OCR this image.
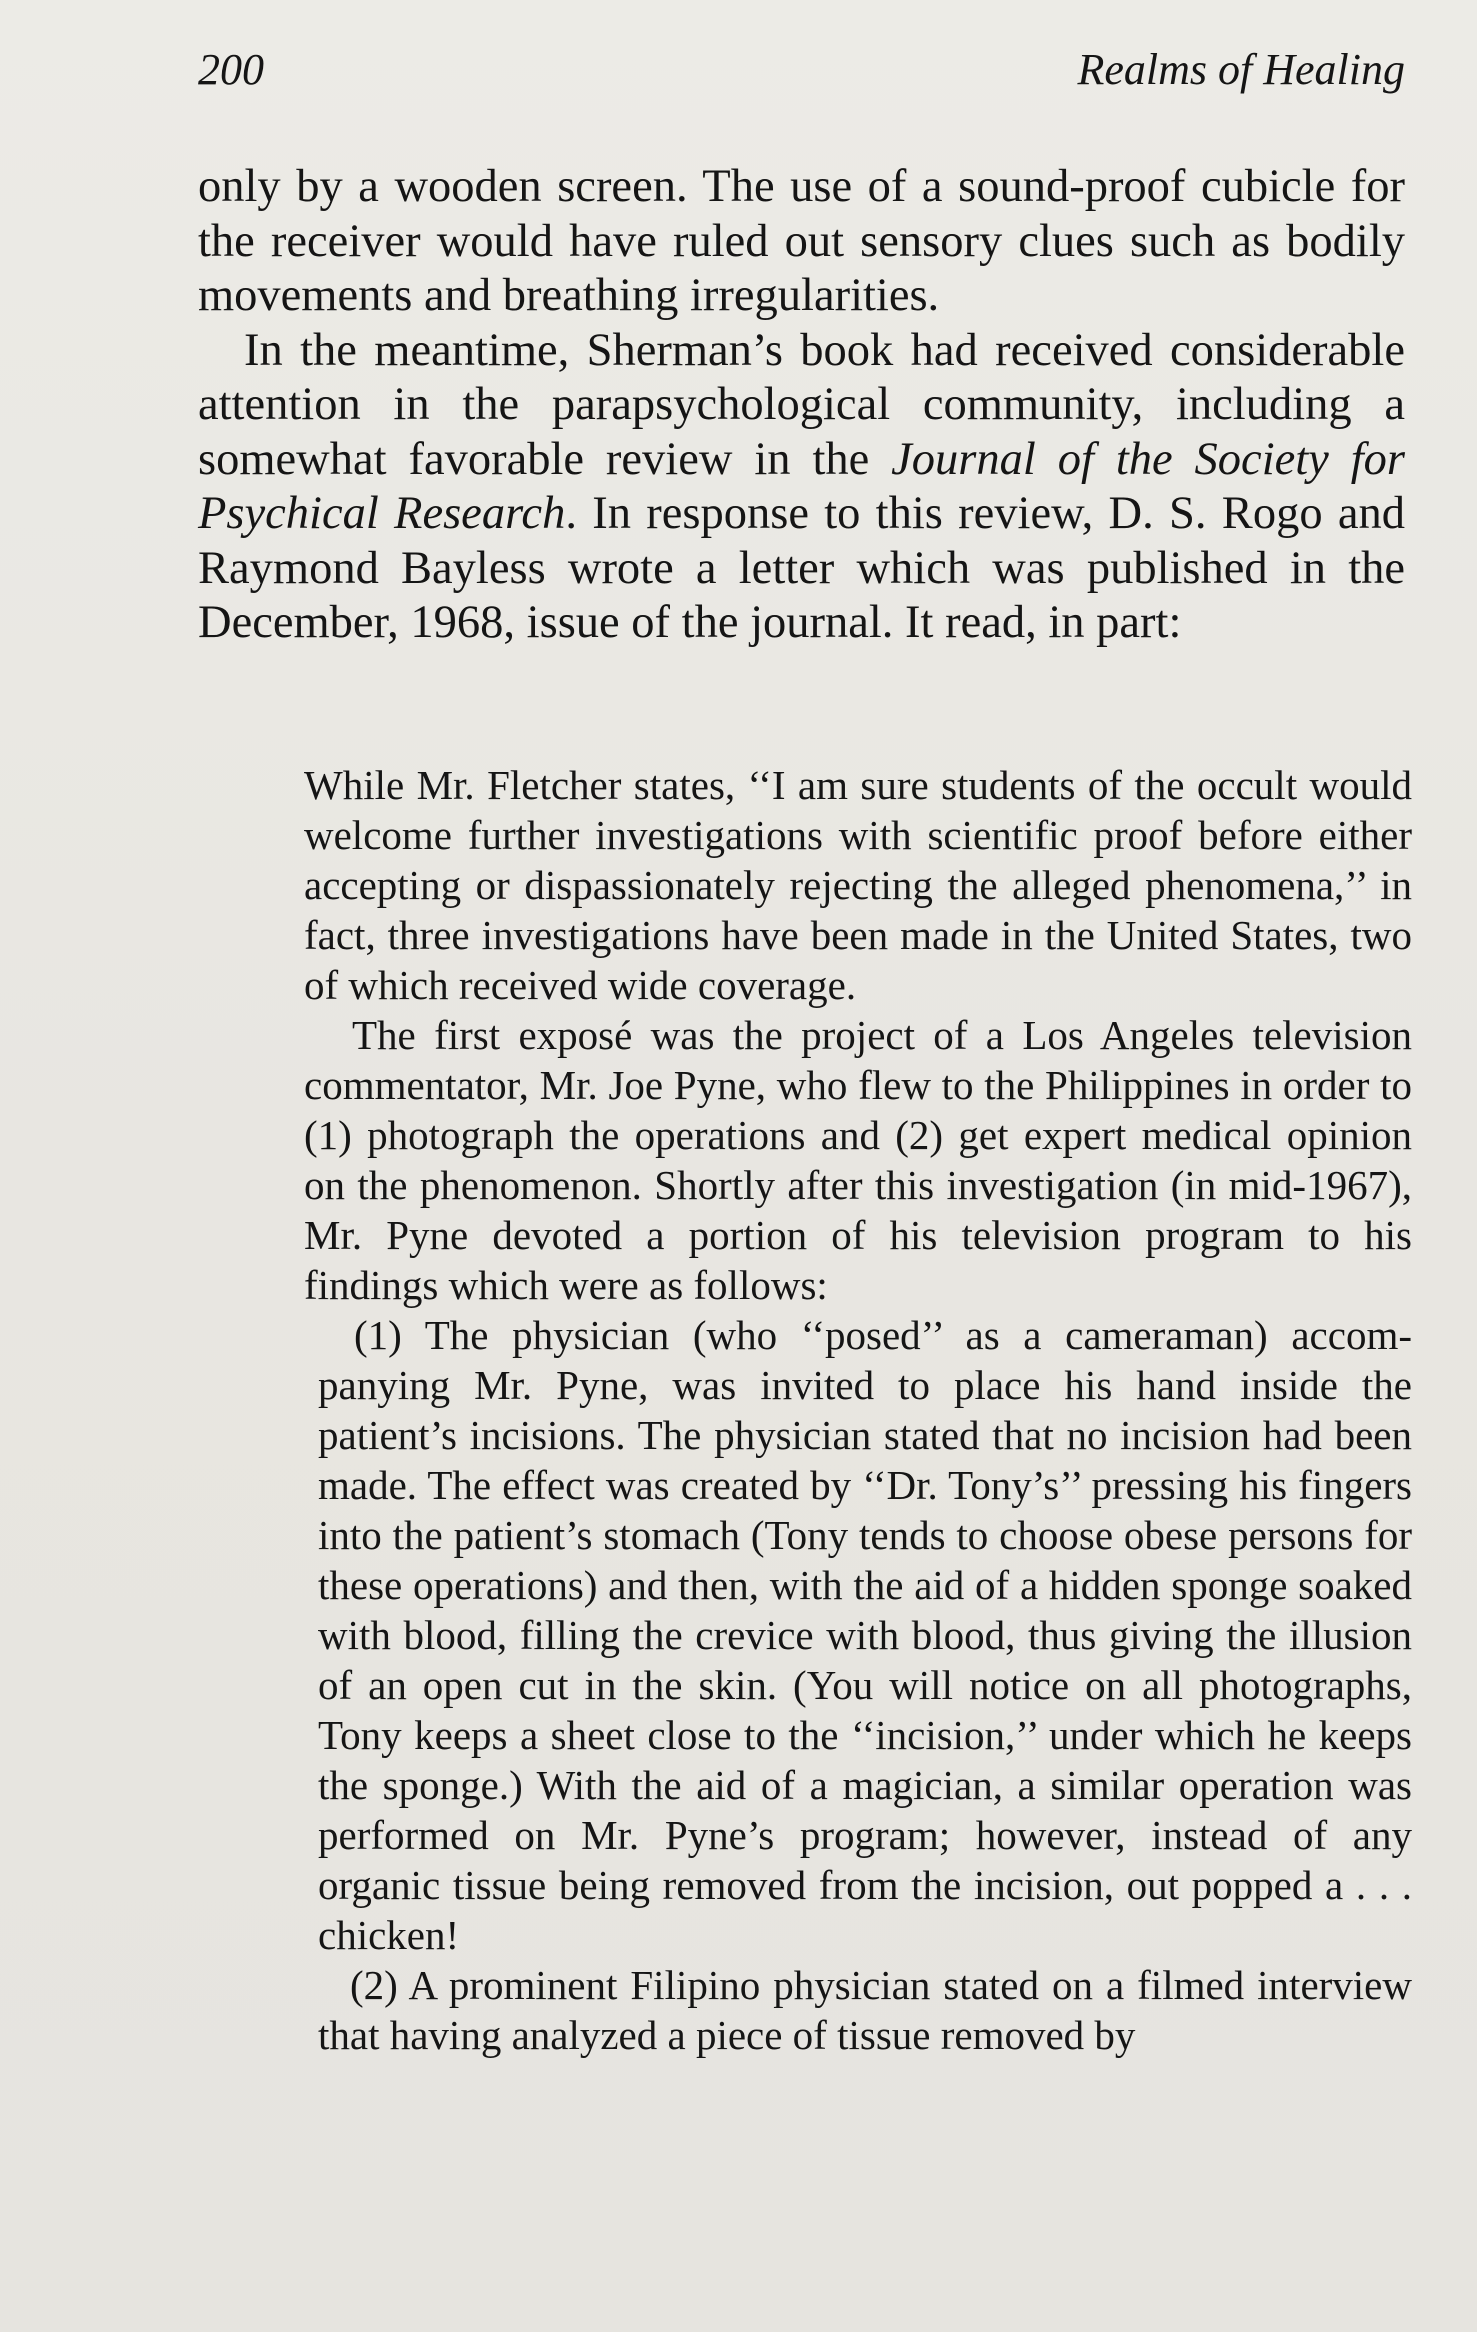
200	Realms of Healing

only by a wooden screen. The use of a sound-proof cubicle for the receiver would have ruled out sensory clues such as bodily movements and breathing irregularities.

In the meantime, Sherman’s book had received considerable attention in the parapsychological community, including a somewhat favorable review in the Journal of the Society for Psychical Research. In response to this review, D. S. Rogo and Raymond Bayless wrote a letter which was published in the December, 1968, issue of the journal. It read, in part:

While Mr. Fletcher states, ‘‘I am sure students of the occult would welcome further investigations with scientific proof before either accepting or dispassionately rejecting the alleged phenomena,’’ in fact, three investigations have been made in the United States, two of which received wide coverage.

The first exposé was the project of a Los Angeles television commentator, Mr. Joe Pyne, who flew to the Philippines in order to (1) photograph the operations and (2) get expert medical opinion on the phenomenon. Shortly after this investigation (in mid-1967), Mr. Pyne devoted a portion of his television program to his findings which were as follows:

(1) The physician (who ‘‘posed’’ as a cameraman) accompanying Mr. Pyne, was invited to place his hand inside the patient’s incisions. The physician stated that no incision had been made. The effect was created by ‘‘Dr. Tony’s’’ pressing his fingers into the patient’s stomach (Tony tends to choose obese persons for these operations) and then, with the aid of a hidden sponge soaked with blood, filling the crevice with blood, thus giving the illusion of an open cut in the skin. (You will notice on all photographs, Tony keeps a sheet close to the ‘‘incision,’’ under which he keeps the sponge.) With the aid of a magician, a similar operation was performed on Mr. Pyne’s program; however, instead of any organic tissue being removed from the incision, out popped a . . . chicken!

(2) A prominent Filipino physician stated on a filmed interview that having analyzed a piece of tissue removed by
